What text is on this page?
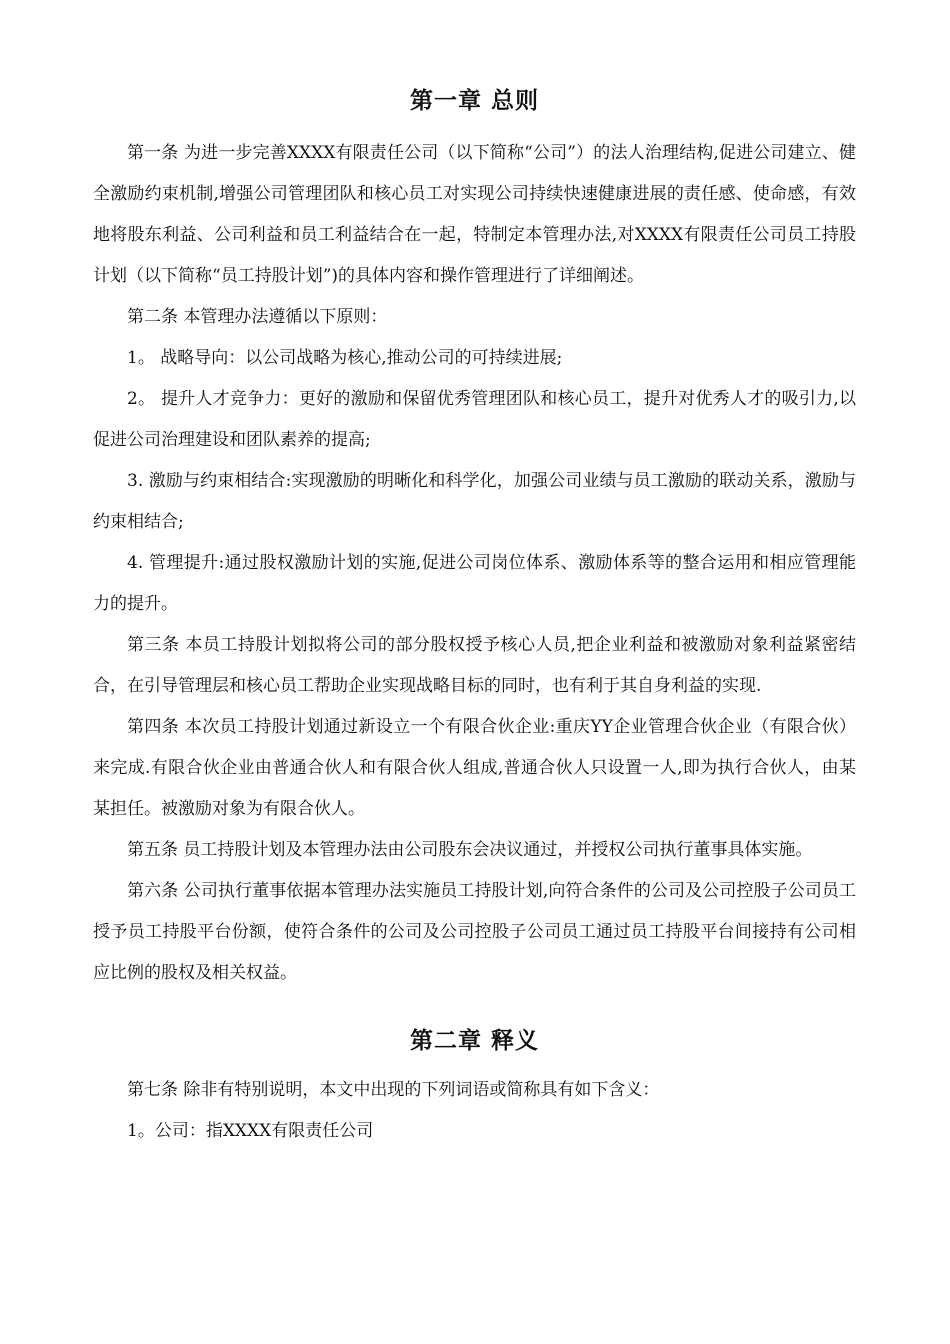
第一章 总则

第一条 为进一步完善XXXX有限责任公司（以下简称“公司”）的法人治理结构,促进公司建立、健全激励约束机制,增强公司管理团队和核心员工对实现公司持续快速健康进展的责任感、使命感，有效地将股东利益、公司利益和员工利益结合在一起，特制定本管理办法,对XXXX有限责任公司员工持股计划（以下简称“员工持股计划”)的具体内容和操作管理进行了详细阐述。

第二条 本管理办法遵循以下原则：

1。 战略导向：以公司战略为核心,推动公司的可持续进展;

2。 提升人才竞争力：更好的激励和保留优秀管理团队和核心员工，提升对优秀人才的吸引力,以促进公司治理建设和团队素养的提高;

3. 激励与约束相结合:实现激励的明晰化和科学化，加强公司业绩与员工激励的联动关系，激励与约束相结合;

4. 管理提升:通过股权激励计划的实施,促进公司岗位体系、激励体系等的整合运用和相应管理能力的提升。

第三条 本员工持股计划拟将公司的部分股权授予核心人员,把企业利益和被激励对象利益紧密结合，在引导管理层和核心员工帮助企业实现战略目标的同时，也有利于其自身利益的实现.

第四条 本次员工持股计划通过新设立一个有限合伙企业:重庆YY企业管理合伙企业（有限合伙）来完成.有限合伙企业由普通合伙人和有限合伙人组成,普通合伙人只设置一人,即为执行合伙人，由某某担任。被激励对象为有限合伙人。

第五条 员工持股计划及本管理办法由公司股东会决议通过，并授权公司执行董事具体实施。

第六条 公司执行董事依据本管理办法实施员工持股计划,向符合条件的公司及公司控股子公司员工授予员工持股平台份额，使符合条件的公司及公司控股子公司员工通过员工持股平台间接持有公司相应比例的股权及相关权益。

第二章 释义

第七条 除非有特别说明，本文中出现的下列词语或简称具有如下含义：

1。公司：指XXXX有限责任公司
